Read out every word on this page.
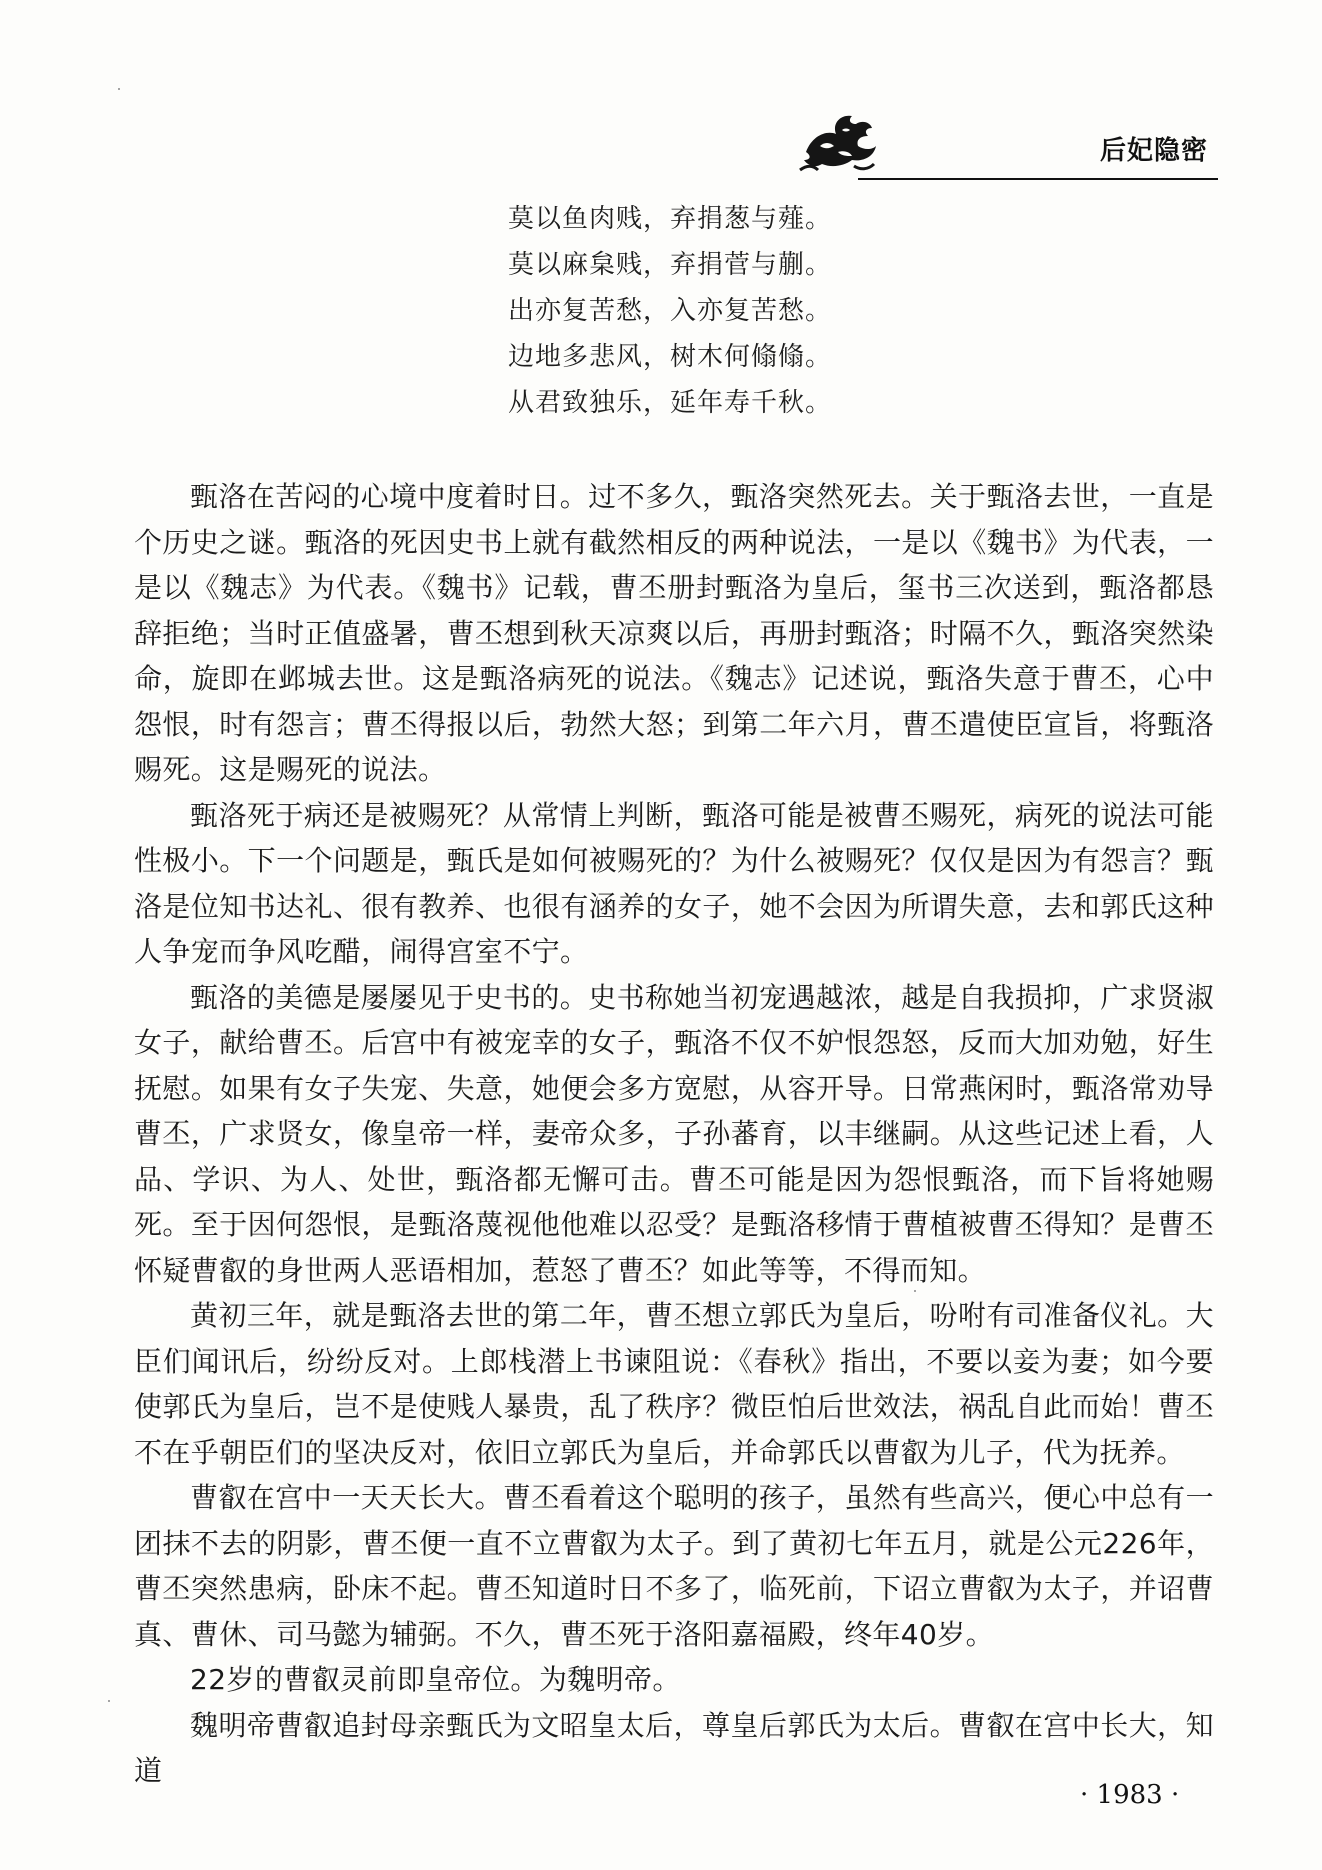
后妃隐密
莫以鱼肉贱，弃捐葱与薤。
莫以麻枲贱，弃捐菅与蒯。
出亦复苦愁，入亦复苦愁。
边地多悲风，树木何翛翛。
从君致独乐，延年寿千秋。

甄洛在苦闷的心境中度着时日。过不多久，甄洛突然死去。关于甄洛去世，一直是个历史之谜。甄洛的死因史书上就有截然相反的两种说法，一是以《魏书》为代表，一是以《魏志》为代表。《魏书》记载，曹丕册封甄洛为皇后，玺书三次送到，甄洛都恳辞拒绝；当时正值盛暑，曹丕想到秋天凉爽以后，再册封甄洛；时隔不久，甄洛突然染命，旋即在邺城去世。这是甄洛病死的说法。《魏志》记述说，甄洛失意于曹丕，心中怨恨，时有怨言；曹丕得报以后，勃然大怒；到第二年六月，曹丕遣使臣宣旨，将甄洛赐死。这是赐死的说法。

甄洛死于病还是被赐死？从常情上判断，甄洛可能是被曹丕赐死，病死的说法可能性极小。下一个问题是，甄氏是如何被赐死的？为什么被赐死？仅仅是因为有怨言？甄洛是位知书达礼、很有教养、也很有涵养的女子，她不会因为所谓失意，去和郭氏这种人争宠而争风吃醋，闹得宫室不宁。

甄洛的美德是屡屡见于史书的。史书称她当初宠遇越浓，越是自我损抑，广求贤淑女子，献给曹丕。后宫中有被宠幸的女子，甄洛不仅不妒恨怨怒，反而大加劝勉，好生抚慰。如果有女子失宠、失意，她便会多方宽慰，从容开导。日常燕闲时，甄洛常劝导曹丕，广求贤女，像皇帝一样，妻帝众多，子孙蕃育，以丰继嗣。从这些记述上看，人品、学识、为人、处世，甄洛都无懈可击。曹丕可能是因为怨恨甄洛，而下旨将她赐死。至于因何怨恨，是甄洛蔑视他他难以忍受？是甄洛移情于曹植被曹丕得知？是曹丕怀疑曹叡的身世两人恶语相加，惹怒了曹丕？如此等等，不得而知。

黄初三年，就是甄洛去世的第二年，曹丕想立郭氏为皇后，吩咐有司准备仪礼。大臣们闻讯后，纷纷反对。上郎栈潜上书谏阻说：《春秋》指出，不要以妾为妻；如今要使郭氏为皇后，岂不是使贱人暴贵，乱了秩序？微臣怕后世效法，祸乱自此而始！曹丕不在乎朝臣们的坚决反对，依旧立郭氏为皇后，并命郭氏以曹叡为儿子，代为抚养。

曹叡在宫中一天天长大。曹丕看着这个聪明的孩子，虽然有些高兴，便心中总有一团抹不去的阴影，曹丕便一直不立曹叡为太子。到了黄初七年五月，就是公元226年，曹丕突然患病，卧床不起。曹丕知道时日不多了，临死前，下诏立曹叡为太子，并诏曹真、曹休、司马懿为辅弼。不久，曹丕死于洛阳嘉福殿，终年40岁。

22岁的曹叡灵前即皇帝位。为魏明帝。

魏明帝曹叡追封母亲甄氏为文昭皇太后，尊皇后郭氏为太后。曹叡在宫中长大，知道

· 1983 ·
